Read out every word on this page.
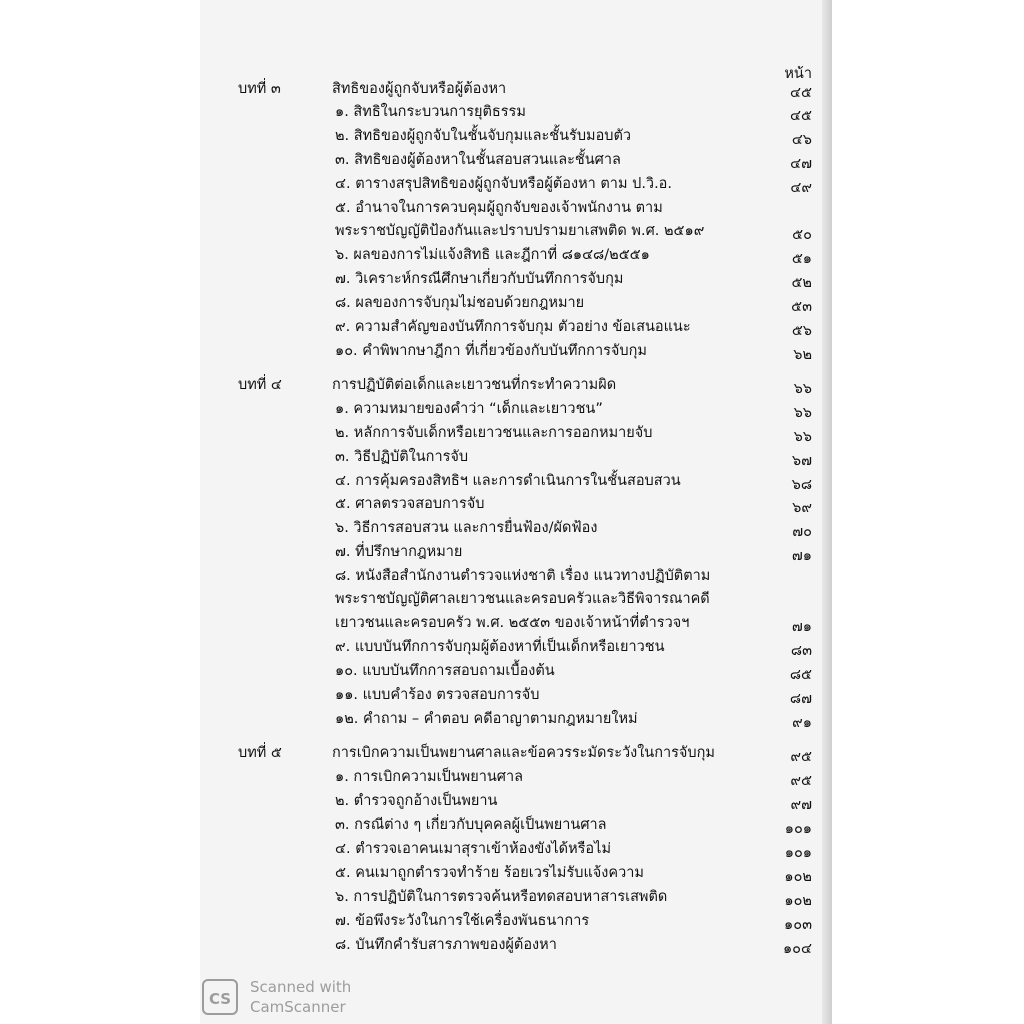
หน้า
บทที่ ๓	สิทธิของผู้ถูกจับหรือผู้ต้องหา	๔๕
๑. สิทธิในกระบวนการยุติธรรม	๔๕
๒. สิทธิของผู้ถูกจับในชั้นจับกุมและชั้นรับมอบตัว	๔๖
๓. สิทธิของผู้ต้องหาในชั้นสอบสวนและชั้นศาล	๔๗
๔. ตารางสรุปสิทธิของผู้ถูกจับหรือผู้ต้องหา ตาม ป.วิ.อ.	๔๙
๕. อำนาจในการควบคุมผู้ถูกจับของเจ้าพนักงาน ตาม
พระราชบัญญัติป้องกันและปราบปรามยาเสพติด พ.ศ. ๒๕๑๙	๕๐
๖. ผลของการไม่แจ้งสิทธิ และฎีกาที่ ๘๑๔๘/๒๕๕๑	๕๑
๗. วิเคราะห์กรณีศึกษาเกี่ยวกับบันทึกการจับกุม	๕๒
๘. ผลของการจับกุมไม่ชอบด้วยกฎหมาย	๕๓
๙. ความสำคัญของบันทึกการจับกุม ตัวอย่าง ข้อเสนอแนะ	๕๖
๑๐. คำพิพากษาฎีกา ที่เกี่ยวข้องกับบันทึกการจับกุม	๖๒
บทที่ ๔	การปฏิบัติต่อเด็กและเยาวชนที่กระทำความผิด	๖๖
๑. ความหมายของคำว่า “เด็กและเยาวชน”	๖๖
๒. หลักการจับเด็กหรือเยาวชนและการออกหมายจับ	๖๖
๓. วิธีปฏิบัติในการจับ	๖๗
๔. การคุ้มครองสิทธิฯ และการดำเนินการในชั้นสอบสวน	๖๘
๕. ศาลตรวจสอบการจับ	๖๙
๖. วิธีการสอบสวน และการยื่นฟ้อง/ผัดฟ้อง	๗๐
๗. ที่ปรึกษากฎหมาย	๗๑
๘. หนังสือสำนักงานตำรวจแห่งชาติ เรื่อง แนวทางปฏิบัติตาม
พระราชบัญญัติศาลเยาวชนและครอบครัวและวิธีพิจารณาคดี
เยาวชนและครอบครัว พ.ศ. ๒๕๕๓ ของเจ้าหน้าที่ตำรวจฯ	๗๑
๙. แบบบันทึกการจับกุมผู้ต้องหาที่เป็นเด็กหรือเยาวชน	๘๓
๑๐. แบบบันทึกการสอบถามเบื้องต้น	๘๕
๑๑. แบบคำร้อง ตรวจสอบการจับ	๘๗
๑๒. คำถาม – คำตอบ คดีอาญาตามกฎหมายใหม่	๙๑
บทที่ ๕	การเบิกความเป็นพยานศาลและข้อควรระมัดระวังในการจับกุม	๙๕
๑. การเบิกความเป็นพยานศาล	๙๕
๒. ตำรวจถูกอ้างเป็นพยาน	๙๗
๓. กรณีต่าง ๆ เกี่ยวกับบุคคลผู้เป็นพยานศาล	๑๐๑
๔. ตำรวจเอาคนเมาสุราเข้าห้องขังได้หรือไม่	๑๐๑
๕. คนเมาถูกตำรวจทำร้าย ร้อยเวรไม่รับแจ้งความ	๑๐๒
๖. การปฏิบัติในการตรวจค้นหรือทดสอบหาสารเสพติด	๑๐๒
๗. ข้อพึงระวังในการใช้เครื่องพันธนาการ	๑๐๓
๘. บันทึกคำรับสารภาพของผู้ต้องหา	๑๐๔
CS
Scanned with
CamScanner
